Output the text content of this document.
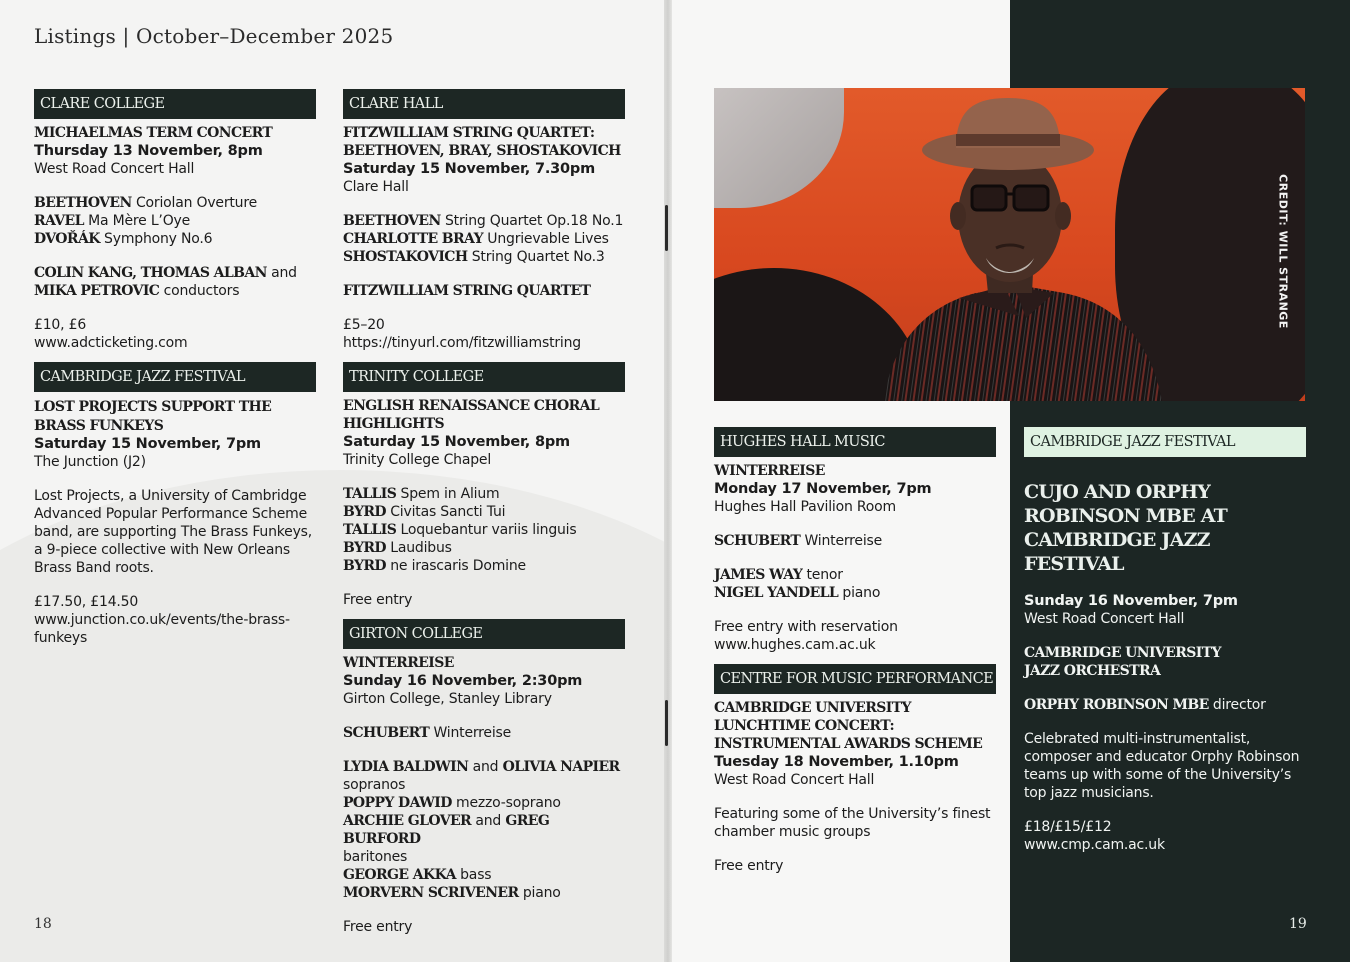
Listings | October–December 2025
CLARE COLLEGE
MICHAELMAS TERM CONCERT
Thursday 13 November, 8pm
West Road Concert Hall
BEETHOVEN Coriolan Overture
RAVEL Ma Mère L’Oye
DVOŘÁK Symphony No.6
COLIN KANG, THOMAS ALBAN and
MIKA PETROVIC conductors
£10, £6
www.adcticketing.com
CAMBRIDGE JAZZ FESTIVAL
LOST PROJECTS SUPPORT THE
BRASS FUNKEYS
Saturday 15 November, 7pm
The Junction (J2)
Lost Projects, a University of Cambridge
Advanced Popular Performance Scheme
band, are supporting The Brass Funkeys,
a 9-piece collective with New Orleans
Brass Band roots.
£17.50, £14.50
www.junction.co.uk/events/the-brass-
funkeys
CLARE HALL
FITZWILLIAM STRING QUARTET:
BEETHOVEN, BRAY, SHOSTAKOVICH
Saturday 15 November, 7.30pm
Clare Hall
BEETHOVEN String Quartet Op.18 No.1
CHARLOTTE BRAY Ungrievable Lives
SHOSTAKOVICH String Quartet No.3
FITZWILLIAM STRING QUARTET
£5–20
https://tinyurl.com/fitzwilliamstring
TRINITY COLLEGE
ENGLISH RENAISSANCE CHORAL
HIGHLIGHTS
Saturday 15 November, 8pm
Trinity College Chapel
TALLIS Spem in Alium
BYRD Civitas Sancti Tui
TALLIS Loquebantur variis linguis
BYRD Laudibus
BYRD ne irascaris Domine
Free entry
GIRTON COLLEGE
WINTERREISE
Sunday 16 November, 2:30pm
Girton College, Stanley Library
SCHUBERT Winterreise
LYDIA BALDWIN and OLIVIA NAPIER
sopranos
POPPY DAWID mezzo-soprano
ARCHIE GLOVER and GREG BURFORD
baritones
GEORGE AKKA bass
MORVERN SCRIVENER piano
Free entry
18
CREDIT: WILL STRANGE
HUGHES HALL MUSIC
WINTERREISE
Monday 17 November, 7pm
Hughes Hall Pavilion Room
SCHUBERT Winterreise
JAMES WAY tenor
NIGEL YANDELL piano
Free entry with reservation
www.hughes.cam.ac.uk
CENTRE FOR MUSIC PERFORMANCE
CAMBRIDGE UNIVERSITY
LUNCHTIME CONCERT:
INSTRUMENTAL AWARDS SCHEME
Tuesday 18 November, 1.10pm
West Road Concert Hall
Featuring some of the University’s finest
chamber music groups
Free entry
CAMBRIDGE JAZZ FESTIVAL
CUJO AND ORPHY
ROBINSON MBE AT
CAMBRIDGE JAZZ FESTIVAL
Sunday 16 November, 7pm
West Road Concert Hall
CAMBRIDGE UNIVERSITY
JAZZ ORCHESTRA
ORPHY ROBINSON MBE director
Celebrated multi-instrumentalist,
composer and educator Orphy Robinson
teams up with some of the University’s
top jazz musicians.
£18/£15/£12
www.cmp.cam.ac.uk
19
